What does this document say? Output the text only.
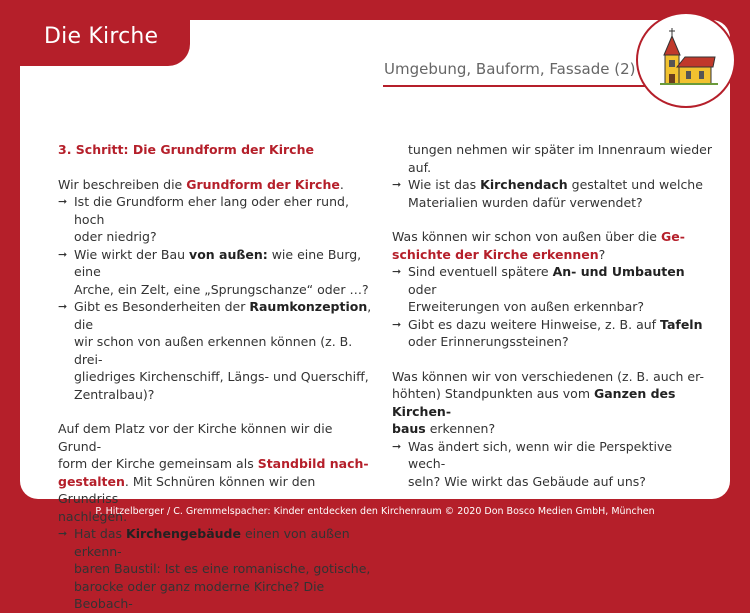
Die Kirche
Umgebung, Bauform, Fassade (2)

3. Schritt: Die Grundform der Kirche

Wir beschreiben die Grundform der Kirche.

➞ Ist die Grundform eher lang oder eher rund, hoch

oder niedrig?

➞ Wie wirkt der Bau von außen: wie eine Burg, eine

Arche, ein Zelt, eine „Sprungschanze“ oder …?

➞ Gibt es Besonderheiten der Raumkonzeption, die

wir schon von außen erkennen können (z. B. drei-

gliedriges Kirchenschiff, Längs- und Querschiff,

Zentralbau)?

Auf dem Platz vor der Kirche können wir die Grund-

form der Kirche gemeinsam als Standbild nach-

gestalten. Mit Schnüren können wir den Grundriss

nachlegen.

➞ Hat das Kirchengebäude einen von außen erkenn-

baren Baustil: Ist es eine romanische, gotische,

barocke oder ganz moderne Kirche? Die Beobach-

tungen nehmen wir später im Innenraum wieder

auf.

➞ Wie ist das Kirchendach gestaltet und welche

Materialien wurden dafür verwendet?

Was können wir schon von außen über die Ge-

schichte der Kirche erkennen?

➞ Sind eventuell spätere An- und Umbauten oder

Erweiterungen von außen erkennbar?

➞ Gibt es dazu weitere Hinweise, z. B. auf Tafeln

oder Erinnerungssteinen?

Was können wir von verschiedenen (z. B. auch er-

höhten) Standpunkten aus vom Ganzen des Kirchen-

baus erkennen?

➞ Was ändert sich, wenn wir die Perspektive wech-

seln? Wie wirkt das Gebäude auf uns?

P. Hitzelberger / C. Gremmelspacher: Kinder entdecken den Kirchenraum © 2020 Don Bosco Medien GmbH, München
